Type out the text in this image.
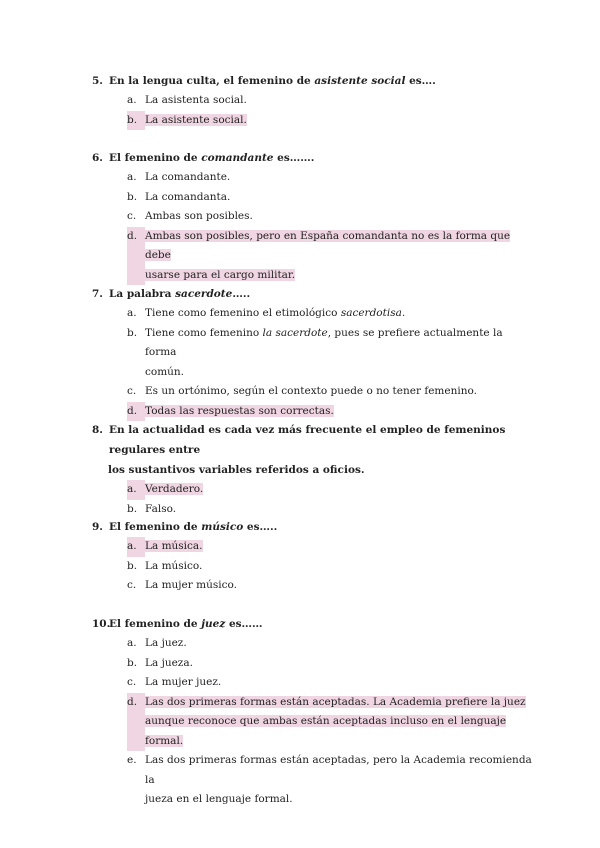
5. En la lengua culta, el femenino de asistente social es….
a. La asistenta social.
b. La asistente social.
6. El femenino de comandante es…….
a. La comandante.
b. La comandanta.
c. Ambas son posibles.
d. Ambas son posibles, pero en España comandanta no es la forma que debe
usarse para el cargo militar.
7. La palabra sacerdote…..
a. Tiene como femenino el etimológico sacerdotisa.
b. Tiene como femenino la sacerdote, pues se prefiere actualmente la forma
común.
c. Es un ortónimo, según el contexto puede o no tener femenino.
d. Todas las respuestas son correctas.
8. En la actualidad es cada vez más frecuente el empleo de femeninos regulares entre
los sustantivos variables referidos a oficios.
a. Verdadero.
b. Falso.
9. El femenino de músico es…..
a. La música.
b. La músico.
c. La mujer músico.
10.
El femenino de juez es……
a. La juez.
b. La jueza.
c. La mujer juez.
d. Las dos primeras formas están aceptadas. La Academia prefiere la juez
aunque reconoce que ambas están aceptadas incluso en el lenguaje formal.
e. Las dos primeras formas están aceptadas, pero la Academia recomienda la
jueza en el lenguaje formal.
